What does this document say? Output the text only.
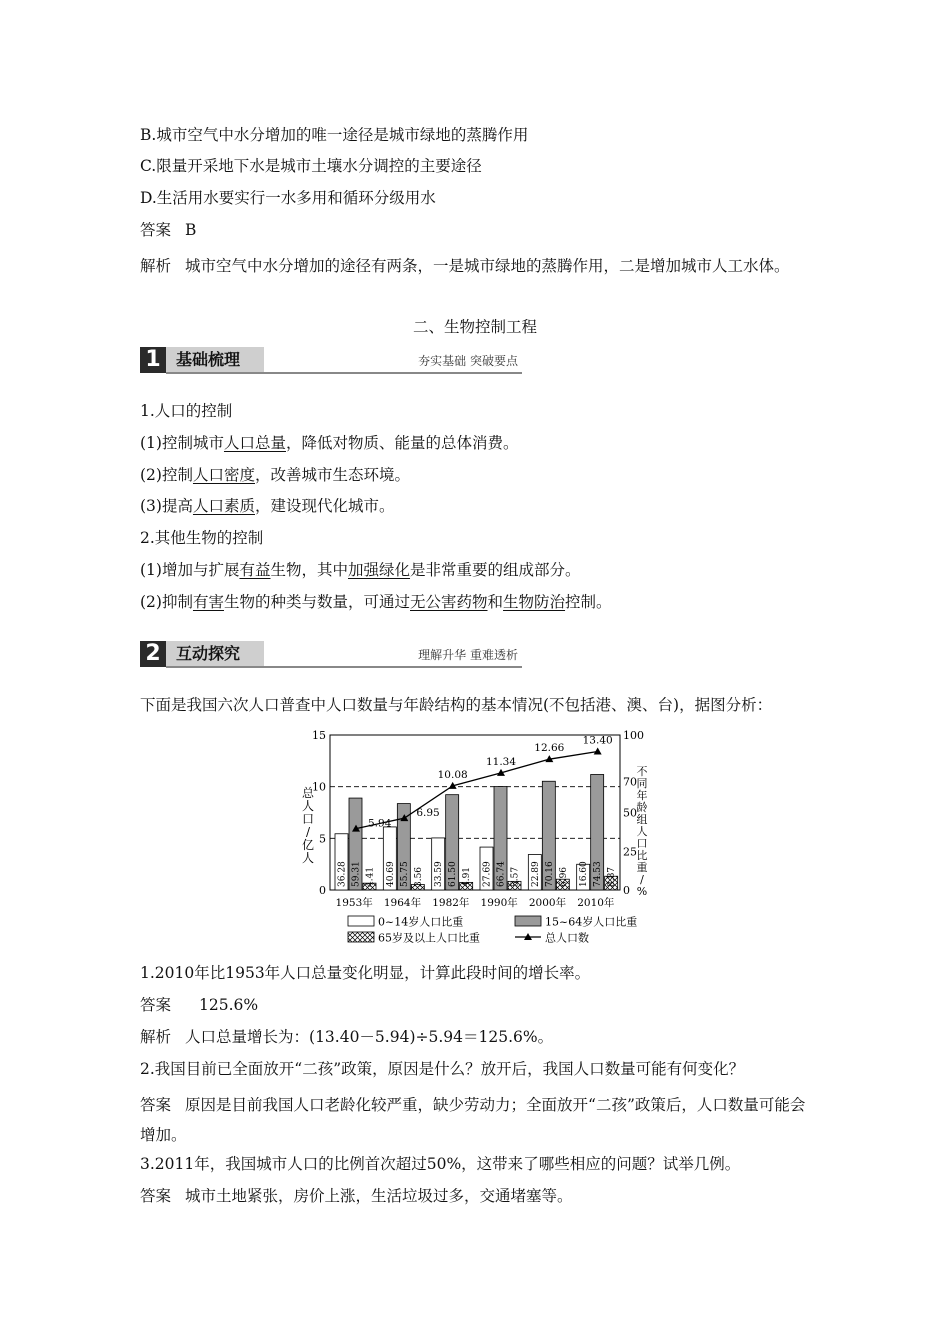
B.城市空气中水分增加的唯一途径是城市绿地的蒸腾作用
C.限量开采地下水是城市土壤水分调控的主要途径
D.生活用水要实行一水多用和循环分级用水
答案 B
解析 城市空气中水分增加的途径有两条，一是城市绿地的蒸腾作用，二是增加城市人工水体。
二、生物控制工程
1 基础梳理	夯实基础 突破要点
1.人口的控制
(1)控制城市人口总量，降低对物质、能量的总体消费。
(2)控制人口密度，改善城市生态环境。
(3)提高人口素质，建设现代化城市。
2.其他生物的控制
(1)增加与扩展有益生物，其中加强绿化是非常重要的组成部分。
(2)抑制有害生物的种类与数量，可通过无公害药物和生物防治控制。
2 互动探究	理解升华 重难透析
下面是我国六次人口普查中人口数量与年龄结构的基本情况(不包括港、澳、台)，据图分析：
0
5
10
15
0
25
50
70
100
总
人
口
/
亿
人
不
同
年
龄
组
人
口
比
重
/
%
36.28 59.31 4.41
1953年
40.69 55.75 3.56
1964年
33.59 61.50 4.91
1982年
27.69 66.74 5.57
1990年
22.89 70.16 6.96
2000年
16.60 74.53 8.87
2010年
5.94
6.95
10.08
11.34
12.66
13.40
0~14岁人口比重	15~64岁人口比重
65岁及以上人口比重	总人口数
1.2010年比1953年人口总量变化明显，计算此段时间的增长率。
答案 125.6%
解析 人口总量增长为：(13.40－5.94)÷5.94＝125.6%。
2.我国目前已全面放开“二孩”政策，原因是什么？放开后，我国人口数量可能有何变化？
答案 原因是目前我国人口老龄化较严重，缺少劳动力；全面放开“二孩”政策后，人口数量可能会增加。
3.2011年，我国城市人口的比例首次超过50%，这带来了哪些相应的问题？试举几例。
答案 城市土地紧张，房价上涨，生活垃圾过多，交通堵塞等。
